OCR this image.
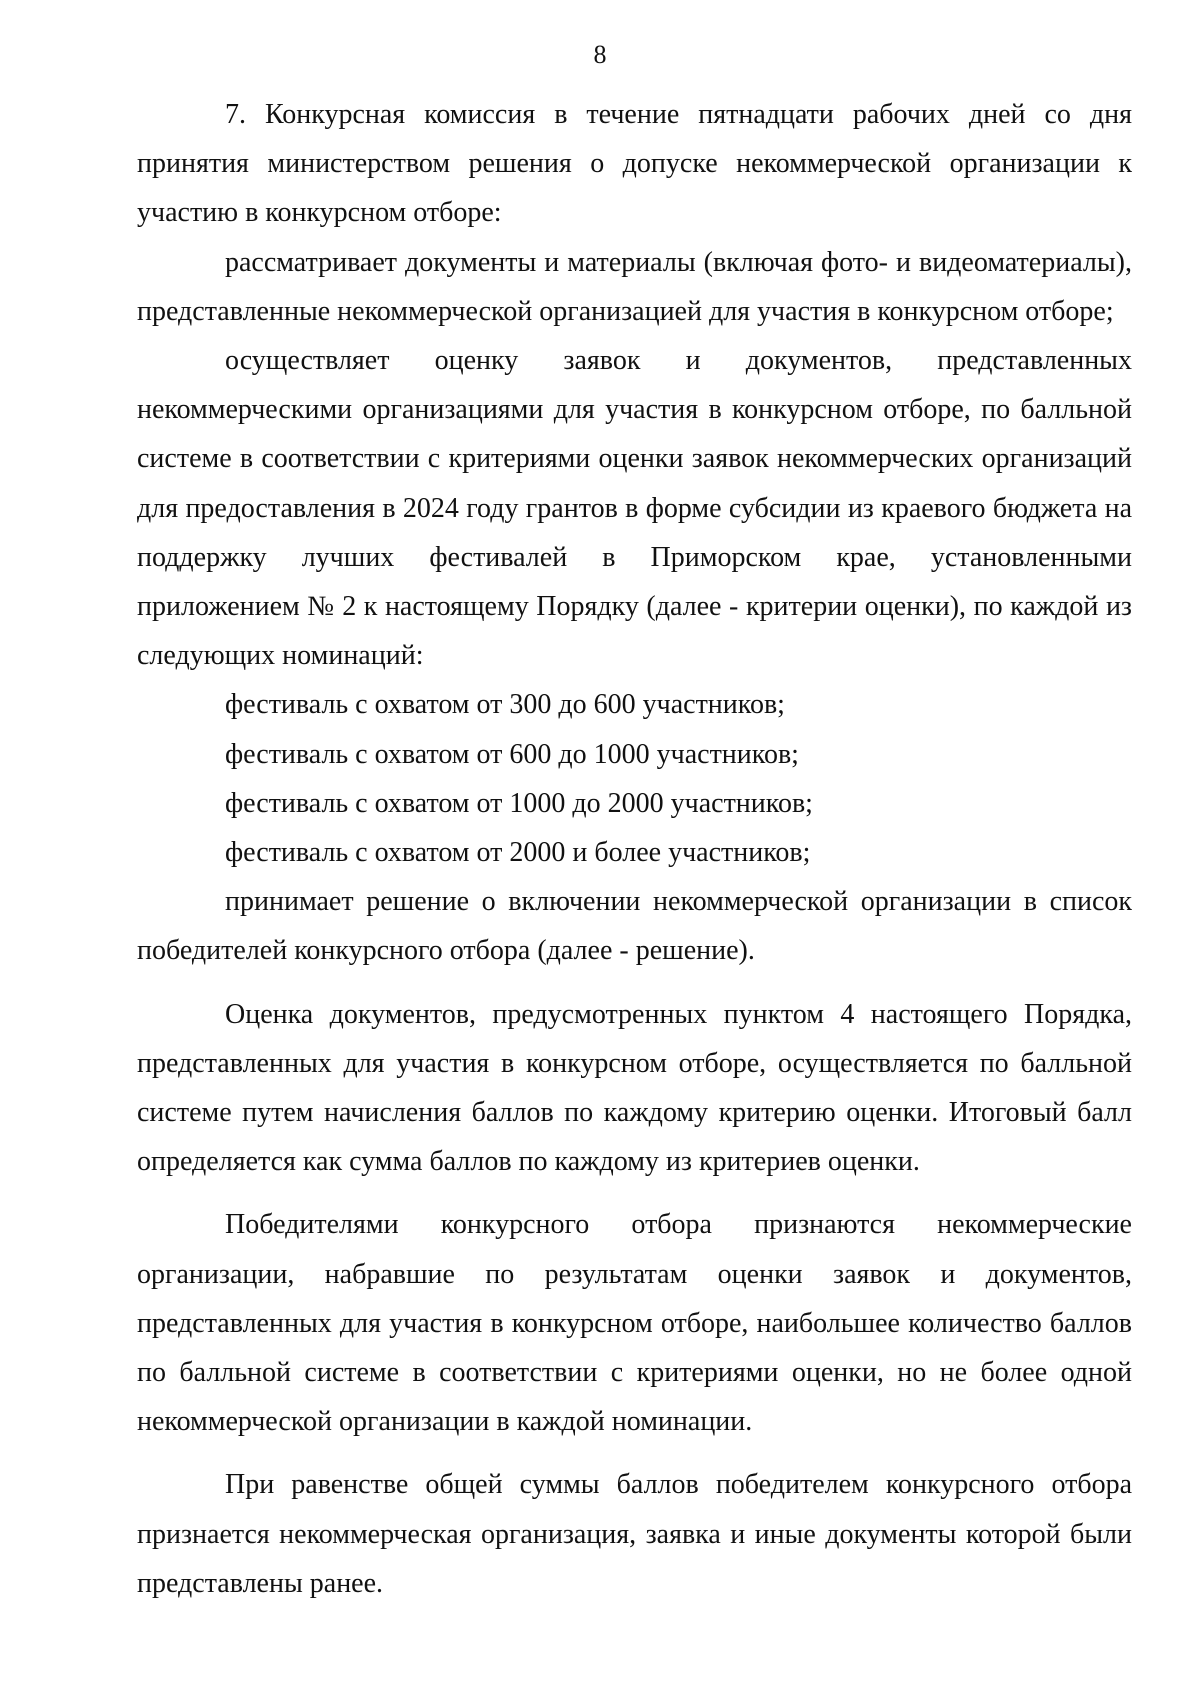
8

7. Конкурсная комиссия в течение пятнадцати рабочих дней со дня принятия министерством решения о допуске некоммерческой организации к участию в конкурсном отборе:

рассматривает документы и материалы (включая фото- и видеоматериалы), представленные некоммерческой организацией для участия в конкурсном отборе;

осуществляет оценку заявок и документов, представленных некоммерческими организациями для участия в конкурсном отборе, по балльной системе в соответствии с критериями оценки заявок некоммерческих организаций для предоставления в 2024 году грантов в форме субсидии из краевого бюджета на поддержку лучших фестивалей в Приморском крае, установленными приложением № 2 к настоящему Порядку (далее - критерии оценки), по каждой из следующих номинаций:

фестиваль с охватом от 300 до 600 участников;

фестиваль с охватом от 600 до 1000 участников;

фестиваль с охватом от 1000 до 2000 участников;

фестиваль с охватом от 2000 и более участников;

принимает решение о включении некоммерческой организации в список победителей конкурсного отбора (далее - решение).

Оценка документов, предусмотренных пунктом 4 настоящего Порядка, представленных для участия в конкурсном отборе, осуществляется по балльной системе путем начисления баллов по каждому критерию оценки. Итоговый балл определяется как сумма баллов по каждому из критериев оценки.

Победителями конкурсного отбора признаются некоммерческие организации, набравшие по результатам оценки заявок и документов, представленных для участия в конкурсном отборе, наибольшее количество баллов по балльной системе в соответствии с критериями оценки, но не более одной некоммерческой организации в каждой номинации.

При равенстве общей суммы баллов победителем конкурсного отбора признается некоммерческая организация, заявка и иные документы которой были представлены ранее.
